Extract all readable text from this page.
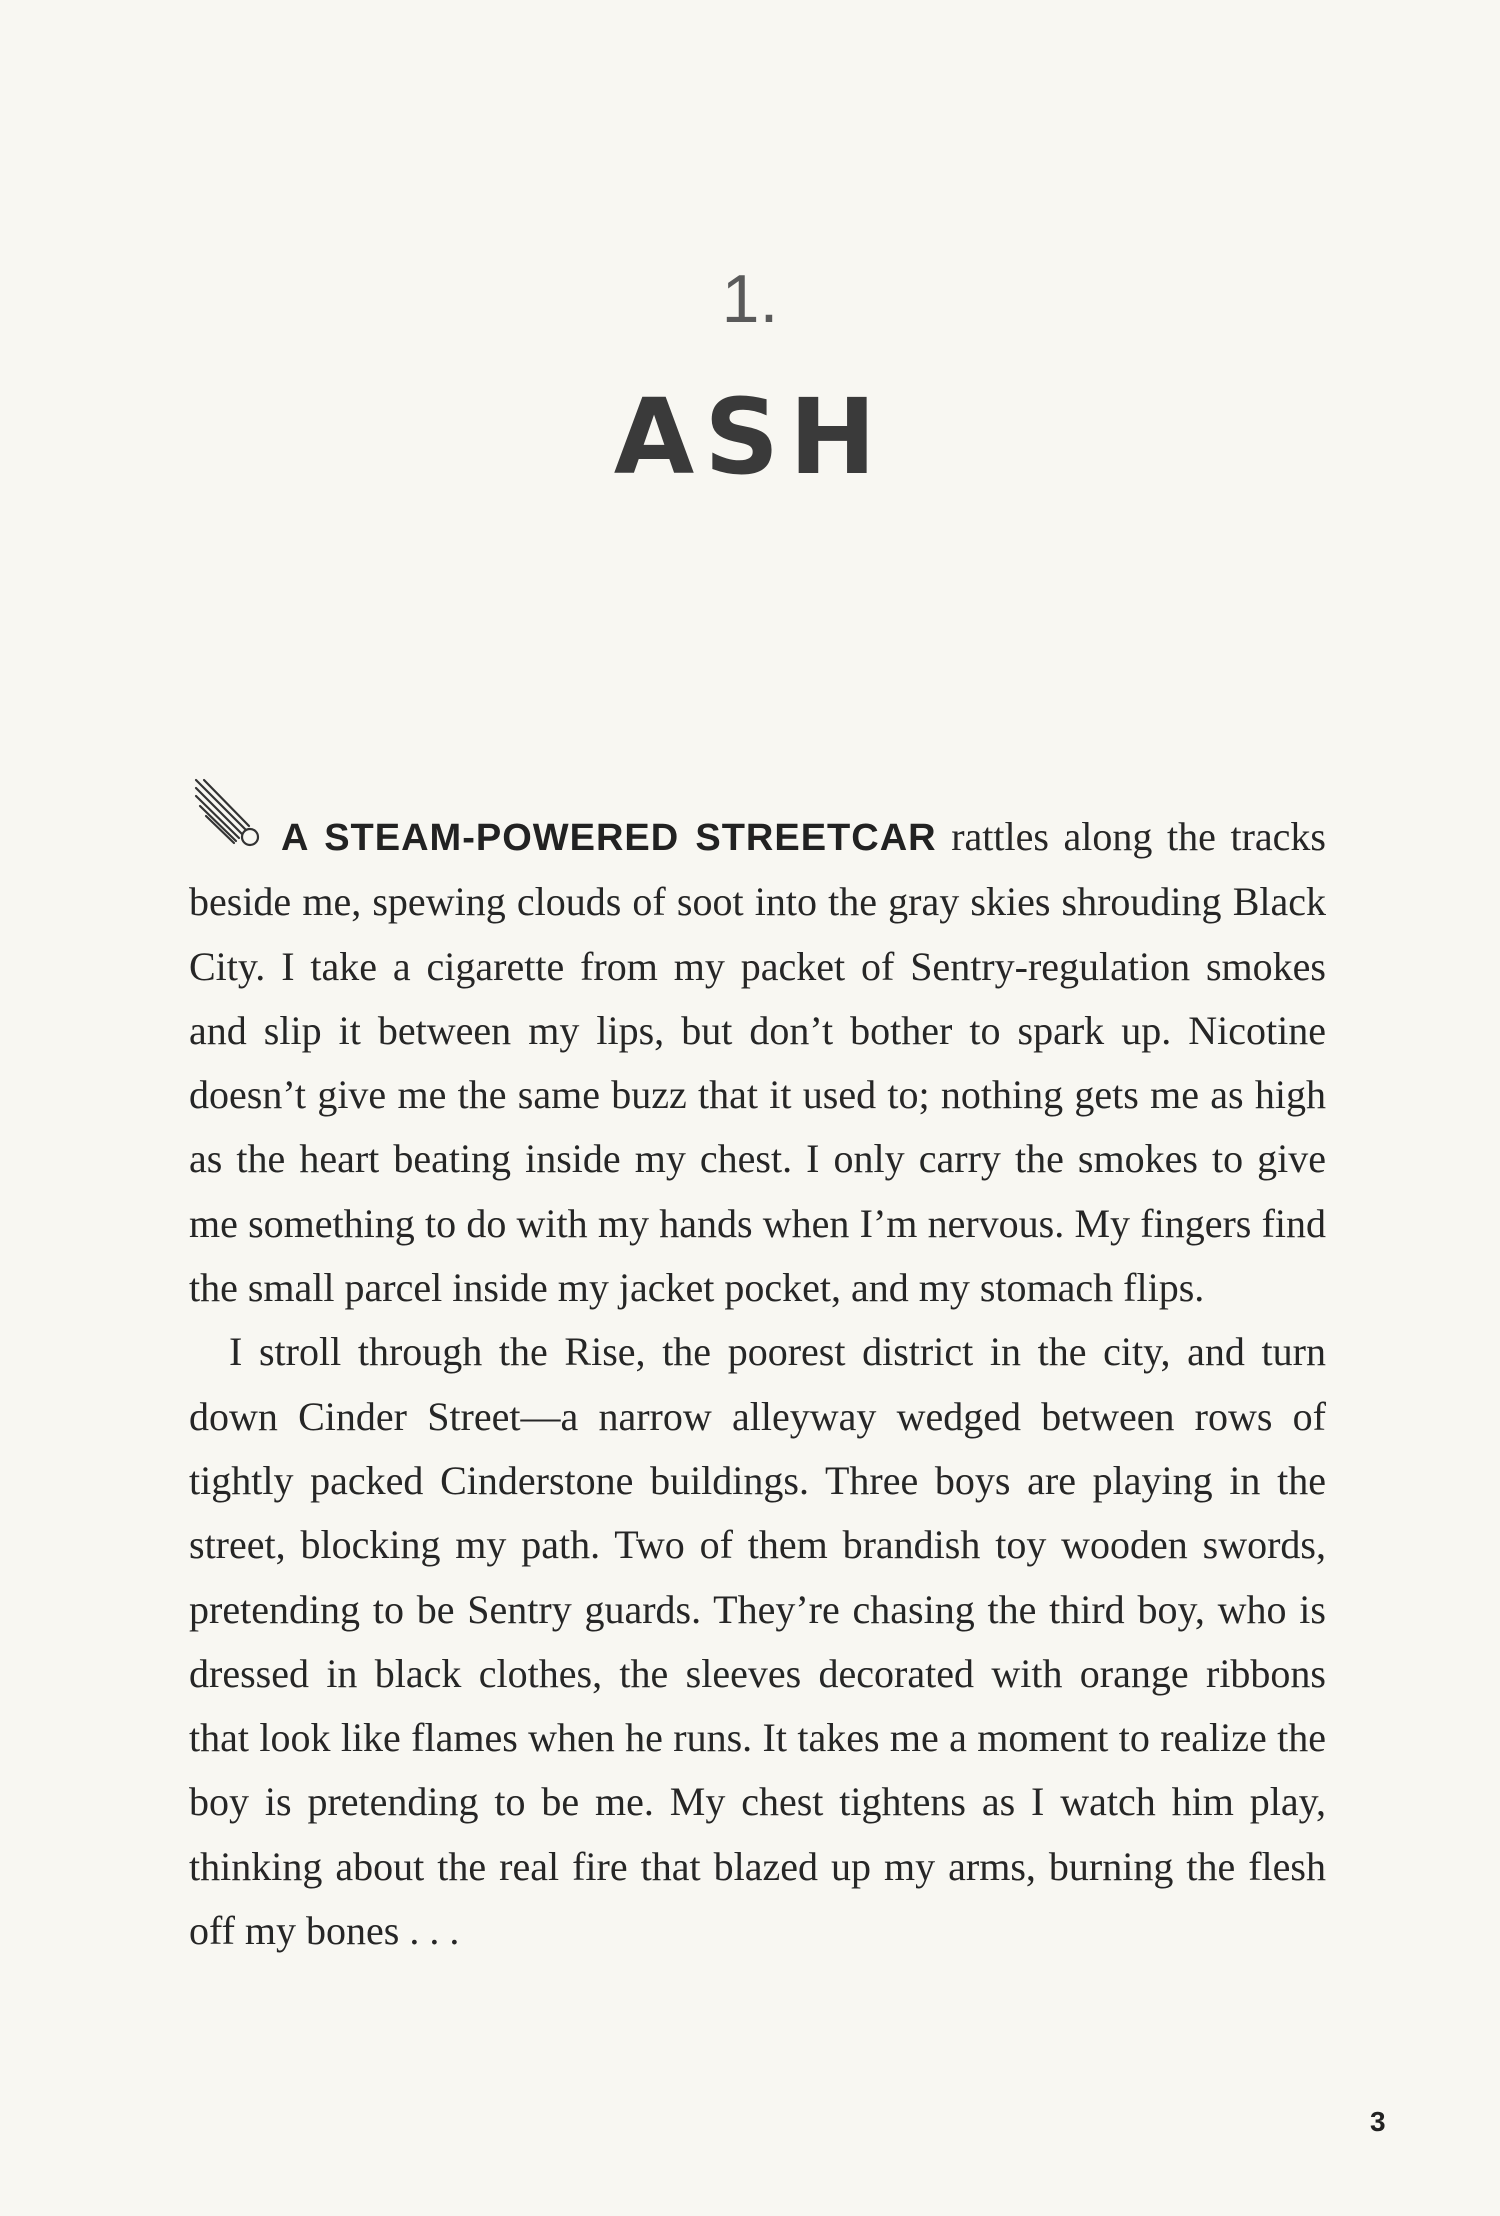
1.
ASH

A STEAM-POWERED STREETCAR rattles along the tracks beside me, spewing clouds of soot into the gray skies shrouding Black City. I take a cigarette from my packet of Sentry-regulation smokes and slip it between my lips, but don’t bother to spark up. Nicotine doesn’t give me the same buzz that it used to; nothing gets me as high as the heart beating inside my chest. I only carry the smokes to give me something to do with my hands when I’m nervous. My fingers find the small parcel inside my jacket pocket, and my stomach flips.

I stroll through the Rise, the poorest district in the city, and turn down Cinder Street—a narrow alleyway wedged between rows of tightly packed Cinderstone buildings. Three boys are playing in the street, blocking my path. Two of them brandish toy wooden swords, pretending to be Sentry guards. They’re chasing the third boy, who is dressed in black clothes, the sleeves decorated with orange ribbons that look like flames when he runs. It takes me a moment to realize the boy is pretending to be me. My chest tightens as I watch him play, thinking about the real fire that blazed up my arms, burning the flesh off my bones . . .

3
